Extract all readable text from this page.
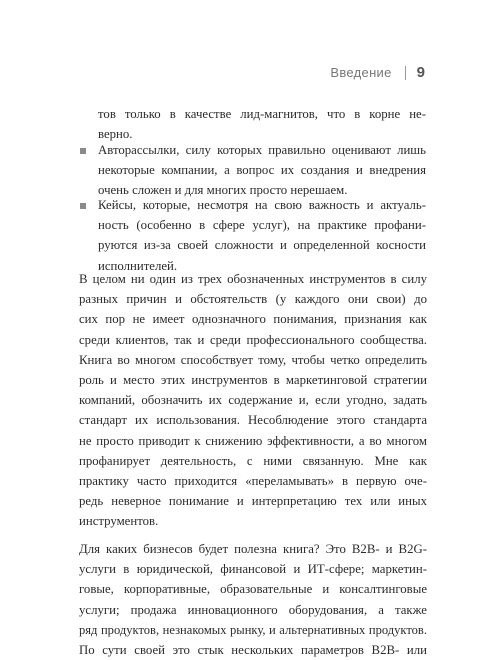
Введение 9
тов только в качестве лид-магнитов, что в корне не-
верно.
Авторассылки, силу которых правильно оценивают лишь
некоторые компании, а вопрос их создания и внедрения
очень сложен и для многих просто нерешаем.
Кейсы, которые, несмотря на свою важность и актуаль-
ность (особенно в сфере услуг), на практике профани-
руются из-за своей сложности и определенной косности
исполнителей.
В целом ни один из трех обозначенных инструментов в силу
разных причин и обстоятельств (у каждого они свои) до
сих пор не имеет однозначного понимания, признания как
среди клиентов, так и среди профессионального сообщества.
Книга во многом способствует тому, чтобы четко определить
роль и место этих инструментов в маркетинговой стратегии
компаний, обозначить их содержание и, если угодно, задать
стандарт их использования. Несоблюдение этого стандарта
не просто приводит к снижению эффективности, а во многом
профанирует деятельность, с ними связанную. Мне как
практику часто приходится «переламывать» в первую оче-
редь неверное понимание и интерпретацию тех или иных
инструментов.
Для каких бизнесов будет полезна книга? Это B2B- и B2G-
услуги в юридической, финансовой и ИТ-сфере; маркетин-
говые, корпоративные, образовательные и консалтинговые
услуги; продажа инновационного оборудования, а также
ряд продуктов, незнакомых рынку, и альтернативных продуктов.
По сути своей это стык нескольких параметров B2B- или
